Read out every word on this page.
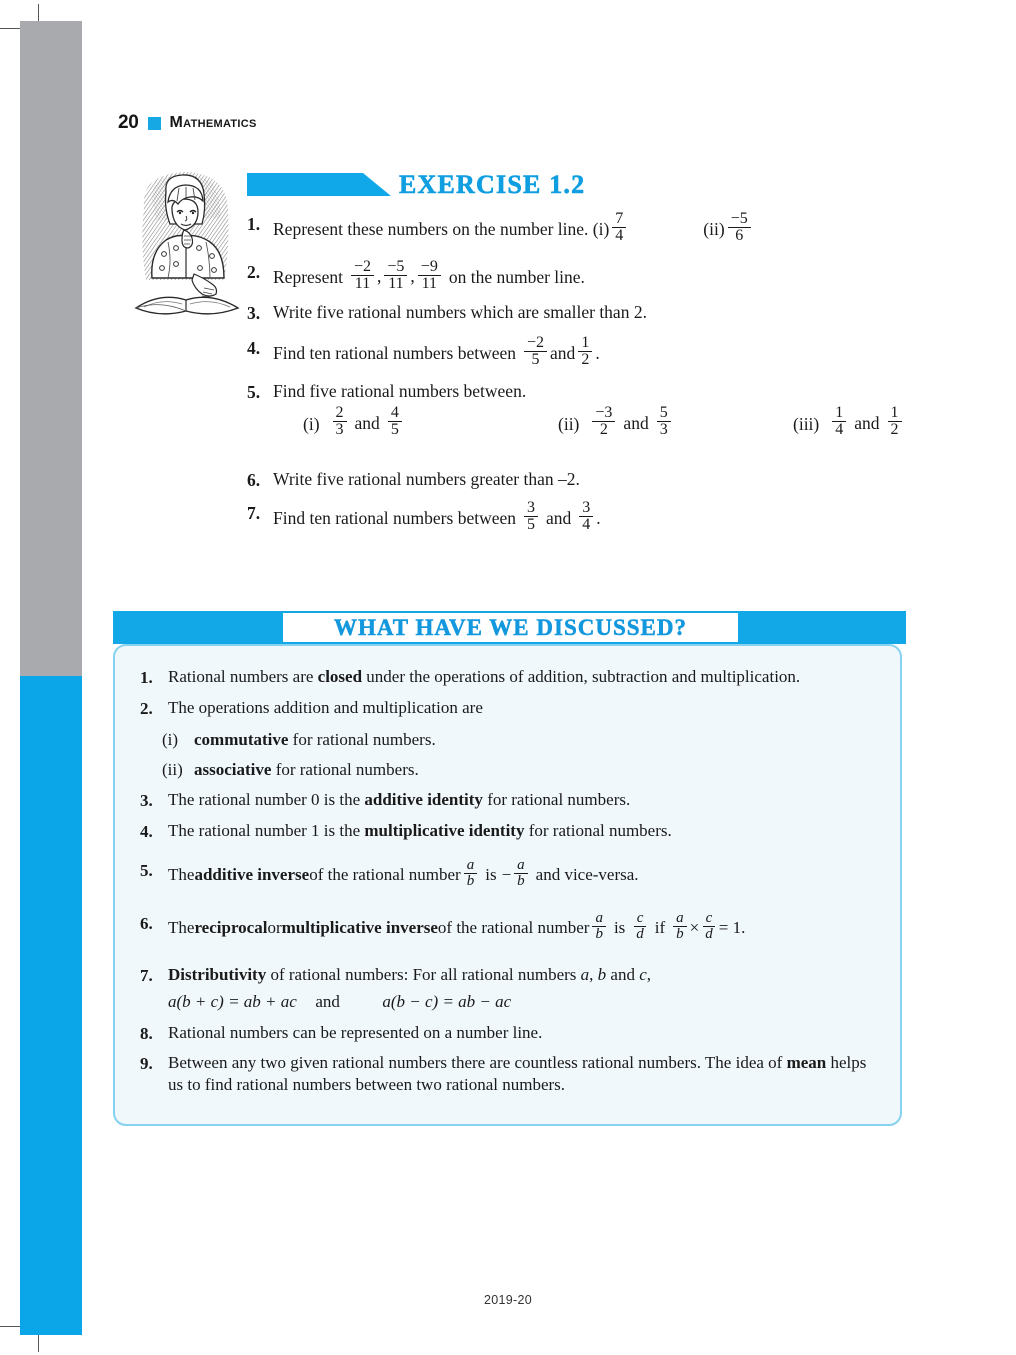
20 Mathematics
EXERCISE 1.2
1. Represent these numbers on the number line. $(i) \frac{7}{4}$	$(ii) \frac{-5}{6}$
2. Represent $\frac{-2}{11}$ , $\frac{-5}{11}$ , $\frac{-9}{11}$ on the number line.
3. Write five rational numbers which are smaller than 2.
4. Find ten rational numbers between $\frac{-2}{5}$ and $\frac{1}{2}$ .
5. Find five rational numbers between.
$(i) \frac{2}{3}$ and $\frac{4}{5}$	$(ii) \frac{-3}{2}$ and $\frac{5}{3}$	$(iii) \frac{1}{4}$ and $\frac{1}{2}$
6. Write five rational numbers greater than –2.
7. Find ten rational numbers between $\frac{3}{5}$ and $\frac{3}{4}$ .
WHAT HAVE WE DISCUSSED?
1. Rational numbers are closed under the operations of addition, subtraction and multiplication.
2. The operations addition and multiplication are
(i) commutative for rational numbers.
(ii) associative for rational numbers.
3. The rational number 0 is the additive identity for rational numbers.
4. The rational number 1 is the multiplicative identity for rational numbers.
5. The additive inverse of the rational number $\frac{a}{b}$ is − $\frac{a}{b}$ and vice-versa.
6. The reciprocal or multiplicative inverse of the rational number $\frac{a}{b}$ is $\frac{c}{d}$ if $\frac{a}{b} \times \frac{c}{d} = 1$.
7. Distributivity of rational numbers: For all rational numbers a, b and c,
a(b + c) = ab + ac and	a(b − c) = ab − ac
8. Rational numbers can be represented on a number line.
9. Between any two given rational numbers there are countless rational numbers. The idea of mean helps us to find rational numbers between two rational numbers.
2019-20
